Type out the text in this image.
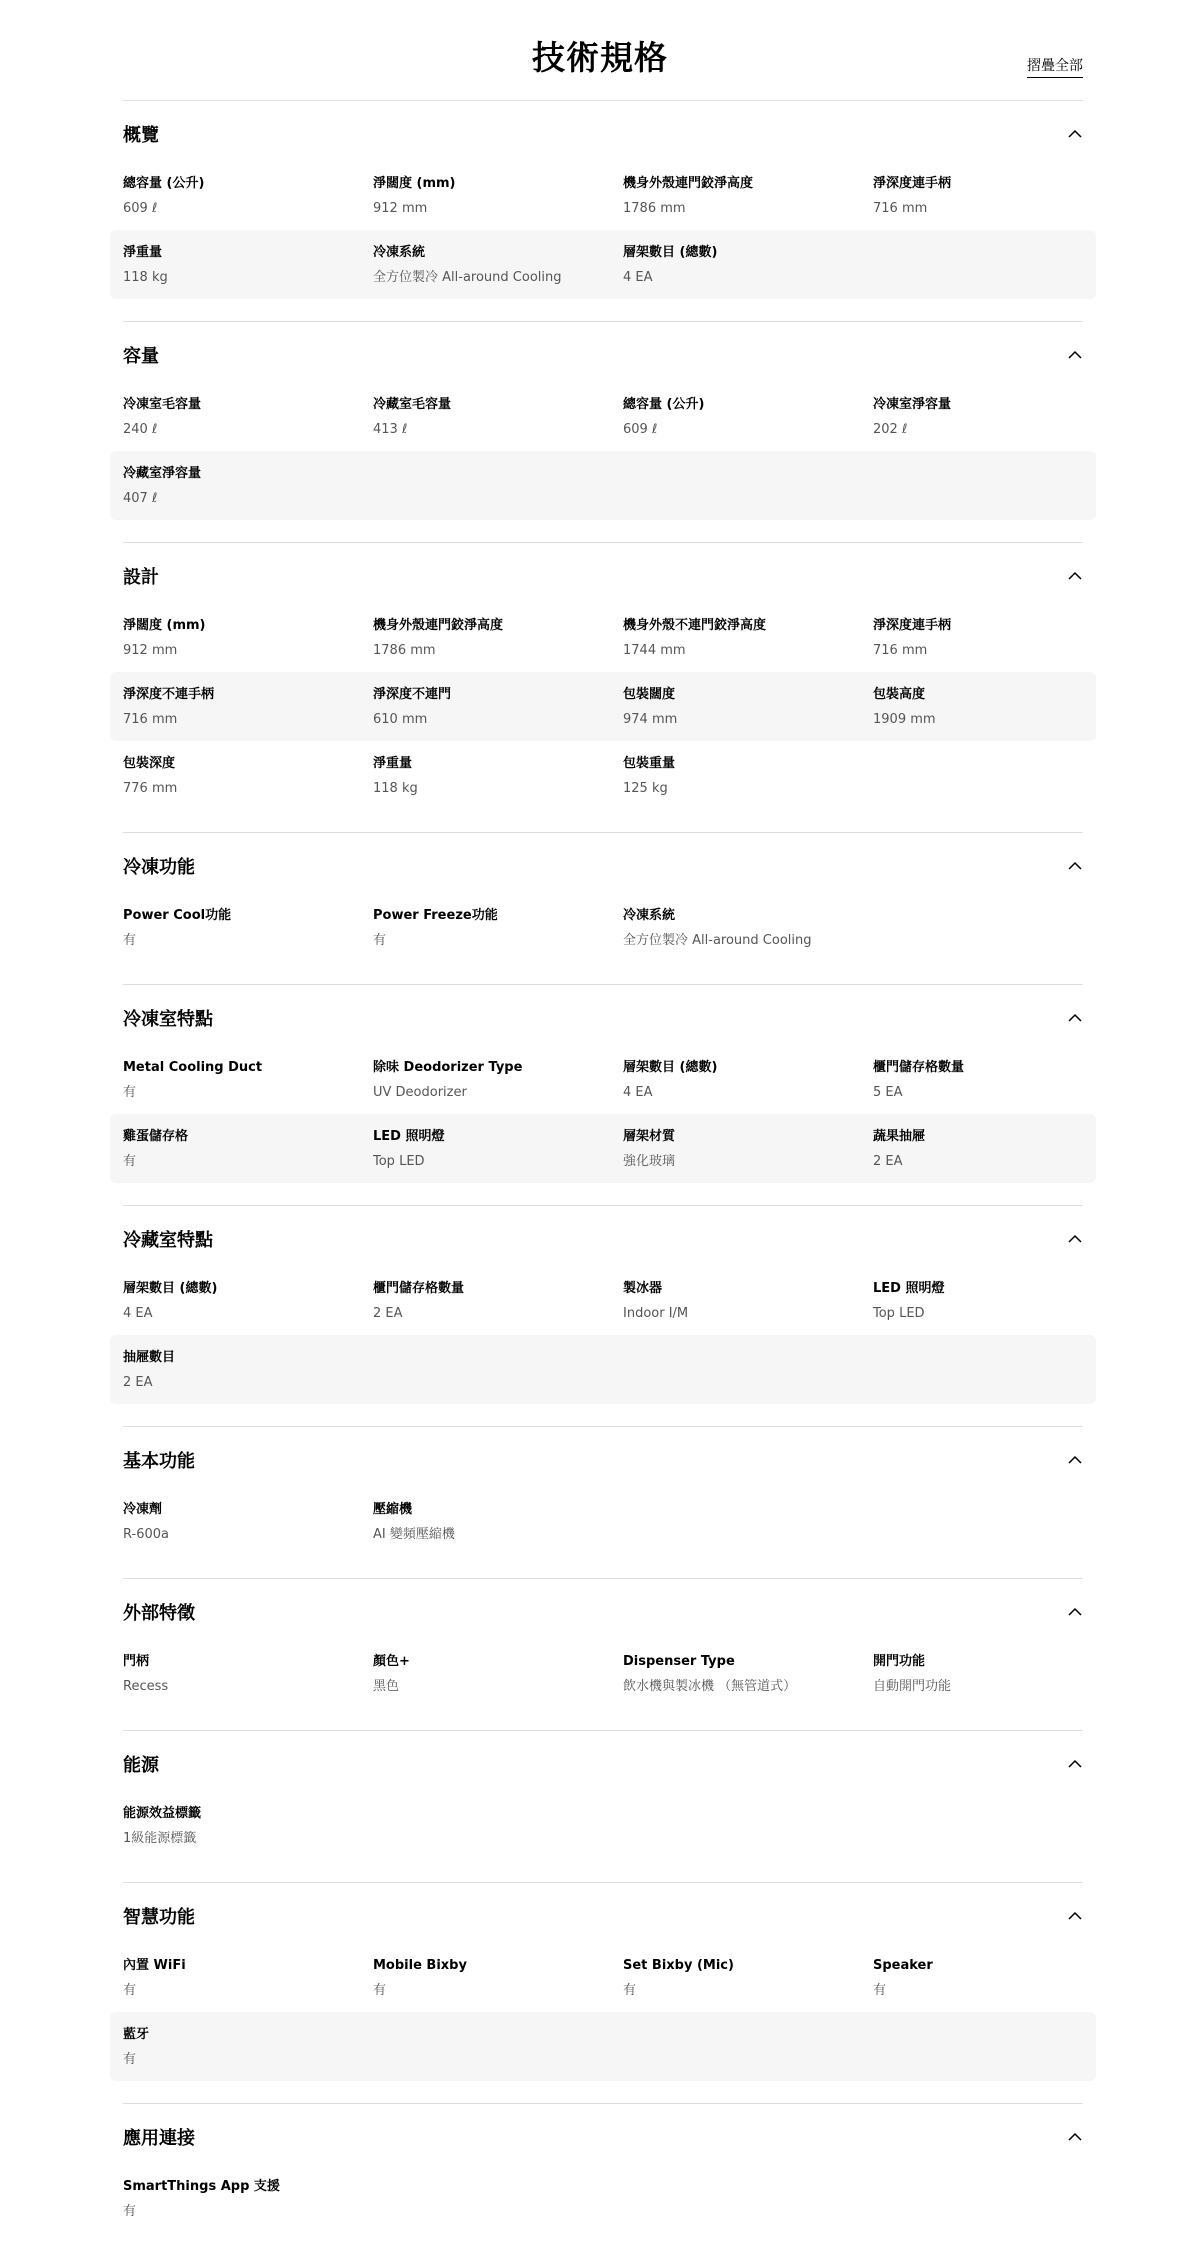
技術規格	摺疊全部
概覽
總容量 (公升)
609 ℓ
淨闊度 (mm)
912 mm
機身外殼連門鉸淨高度
1786 mm
淨深度連手柄
716 mm
淨重量
118 kg
冷凍系統
全方位製冷 All-around Cooling
層架數目 (總數)
4 EA
容量
冷凍室毛容量
240 ℓ
冷藏室毛容量
413 ℓ
總容量 (公升)
609 ℓ
冷凍室淨容量
202 ℓ
冷藏室淨容量
407 ℓ
設計
淨闊度 (mm)
912 mm
機身外殼連門鉸淨高度
1786 mm
機身外殼不連門鉸淨高度
1744 mm
淨深度連手柄
716 mm
淨深度不連手柄
716 mm
淨深度不連門
610 mm
包裝闊度
974 mm
包裝高度
1909 mm
包裝深度
776 mm
淨重量
118 kg
包裝重量
125 kg
冷凍功能
Power Cool功能
有
Power Freeze功能
有
冷凍系統
全方位製冷 All-around Cooling
冷凍室特點
Metal Cooling Duct
有
除味 Deodorizer Type
UV Deodorizer
層架數目 (總數)
4 EA
櫃門儲存格數量
5 EA
雞蛋儲存格
有
LED 照明燈
Top LED
層架材質
強化玻璃
蔬果抽屜
2 EA
冷藏室特點
層架數目 (總數)
4 EA
櫃門儲存格數量
2 EA
製冰器
Indoor I/M
LED 照明燈
Top LED
抽屜數目
2 EA
基本功能
冷凍劑
R-600a
壓縮機
AI 變頻壓縮機
外部特徵
門柄
Recess
顏色+
黑色
Dispenser Type
飲水機與製冰機 （無管道式）
開門功能
自動開門功能
能源
能源效益標籤
1級能源標籤
智慧功能
內置 WiFi
有
Mobile Bixby
有
Set Bixby (Mic)
有
Speaker
有
藍牙
有
應用連接
SmartThings App 支援
有
